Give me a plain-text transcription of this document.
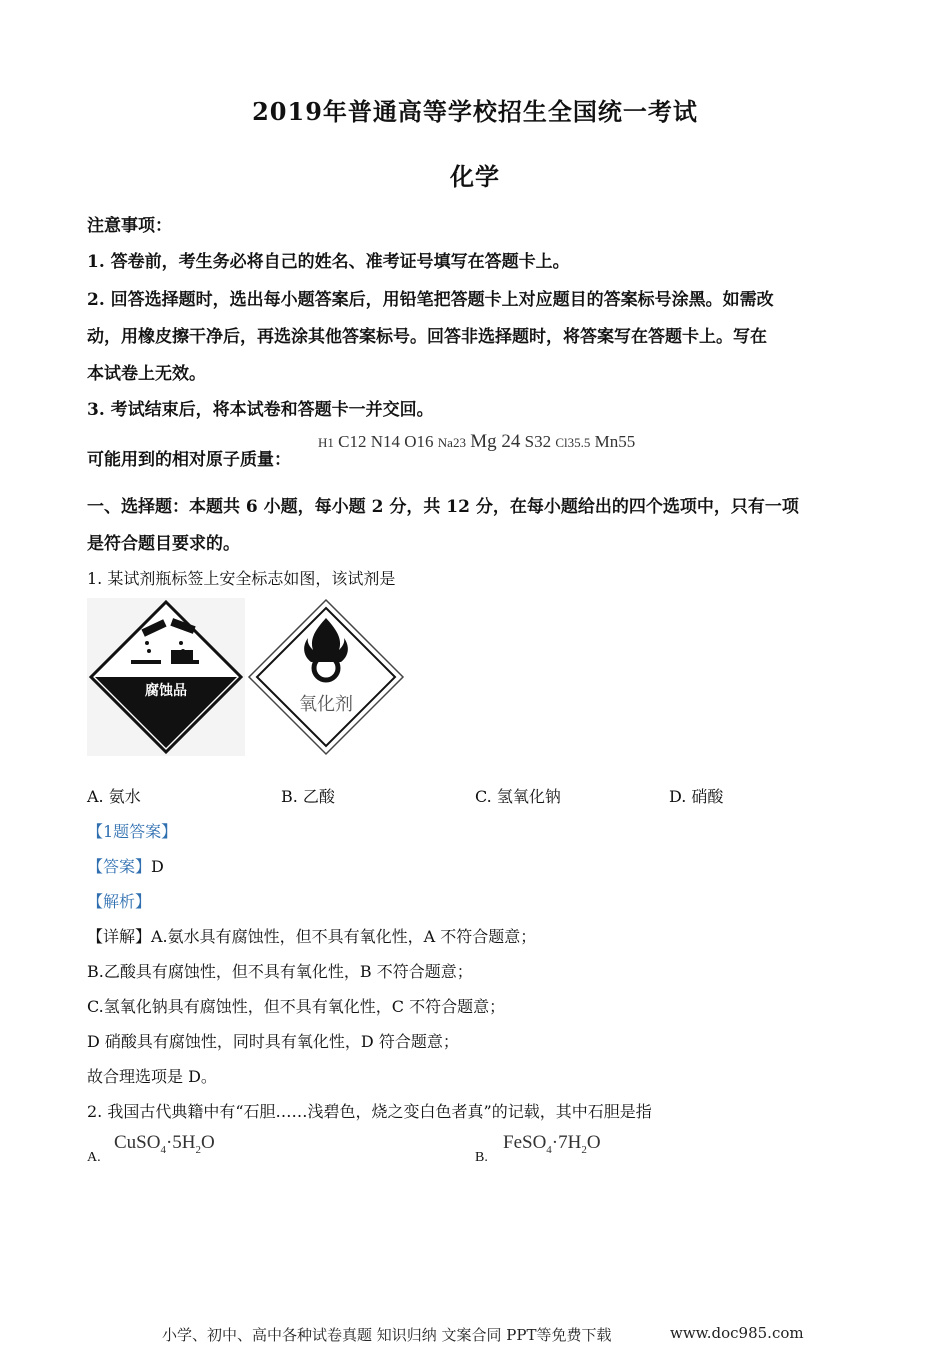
2019年普通高等学校招生全国统一考试
化学
注意事项：
1. 答卷前，考生务必将自己的姓名、准考证号填写在答题卡上。
2. 回答选择题时，选出每小题答案后，用铅笔把答题卡上对应题目的答案标号涂黑。如需改
动，用橡皮擦干净后，再选涂其他答案标号。回答非选择题时，将答案写在答题卡上。写在
本试卷上无效。
3. 考试结束后，将本试卷和答题卡一并交回。
可能用到的相对原子质量：
H1 C12 N14 O16 Na23 Mg 24 S32 Cl35.5 Mn55
一、选择题：本题共 6 小题，每小题 2 分，共 12 分，在每小题给出的四个选项中，只有一项
是符合题目要求的。
1. 某试剂瓶标签上安全标志如图，该试剂是
腐蚀品
氧化剂
A. 氨水	B. 乙酸	C. 氢氧化钠	D. 硝酸
【1题答案】
【答案】D
【解析】
【详解】A.氨水具有腐蚀性，但不具有氧化性，A 不符合题意；
B.乙酸具有腐蚀性，但不具有氧化性，B 不符合题意；
C.氢氧化钠具有腐蚀性，但不具有氧化性，C 不符合题意；
D 硝酸具有腐蚀性，同时具有氧化性，D 符合题意；
故合理选项是 D。
2. 我国古代典籍中有“石胆……浅碧色，烧之变白色者真”的记载，其中石胆是指
A.
$CuSO_4\cdot 5H_2O$
B.
$FeSO_4\cdot 7H_2O$
小学、初中、高中各种试卷真题 知识归纳 文案合同 PPT等免费下载	www.doc985.com
